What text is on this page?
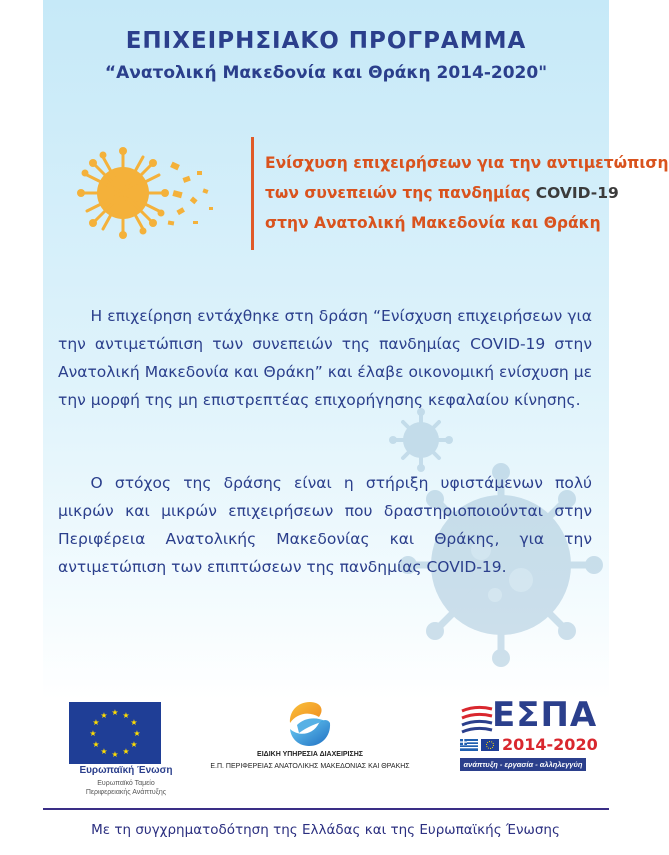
ΕΠΙΧΕΙΡΗΣΙΑΚΟ ΠΡΟΓΡΑΜΜΑ
“Ανατολική Μακεδονία και Θράκη 2014-2020"
Ενίσχυση επιχειρήσεων για την αντιμετώπιση
των συνεπειών της πανδημίας COVID-19
στην Ανατολική Μακεδονία και Θράκη

Η επιχείρηση εντάχθηκε στη δράση “Ενίσχυση επιχειρήσεων για την αντιμετώπιση των συνεπειών της πανδημίας COVID-19 στην Ανατολική Μακεδονία και Θράκη” και έλαβε οικονομική ενίσχυση με την μορφή της μη επιστρεπτέας επιχορήγησης κεφαλαίου κίνησης.

Ο στόχος της δράσης είναι η στήριξη υφιστάμενων πολύ μικρών και μικρών επιχειρήσεων που δραστηριοποιούνται στην Περιφέρεια Ανατολικής Μακεδονίας και Θράκης, για την αντιμετώπιση των επιπτώσεων της πανδημίας COVID-19.

★ ★
★
★
★
★
★
★
★
★
★
★
Ευρωπαϊκή Ένωση
Ευρωπαϊκό Ταμείο
Περιφερειακής Ανάπτυξης
ΕΙΔΙΚΗ ΥΠΗΡΕΣΙΑ ΔΙΑΧΕΙΡΙΣΗΣ
Ε.Π. ΠΕΡΙΦΕΡΕΙΑΣ ΑΝΑΤΟΛΙΚΗΣ ΜΑΚΕΔΟΝΙΑΣ ΚΑΙ ΘΡΑΚΗΣ
ΕΣΠΑ
2014-2020
ανάπτυξη - εργασία - αλληλεγγύη
Με τη συγχρηματοδότηση της Ελλάδας και της Ευρωπαϊκής Ένωσης
